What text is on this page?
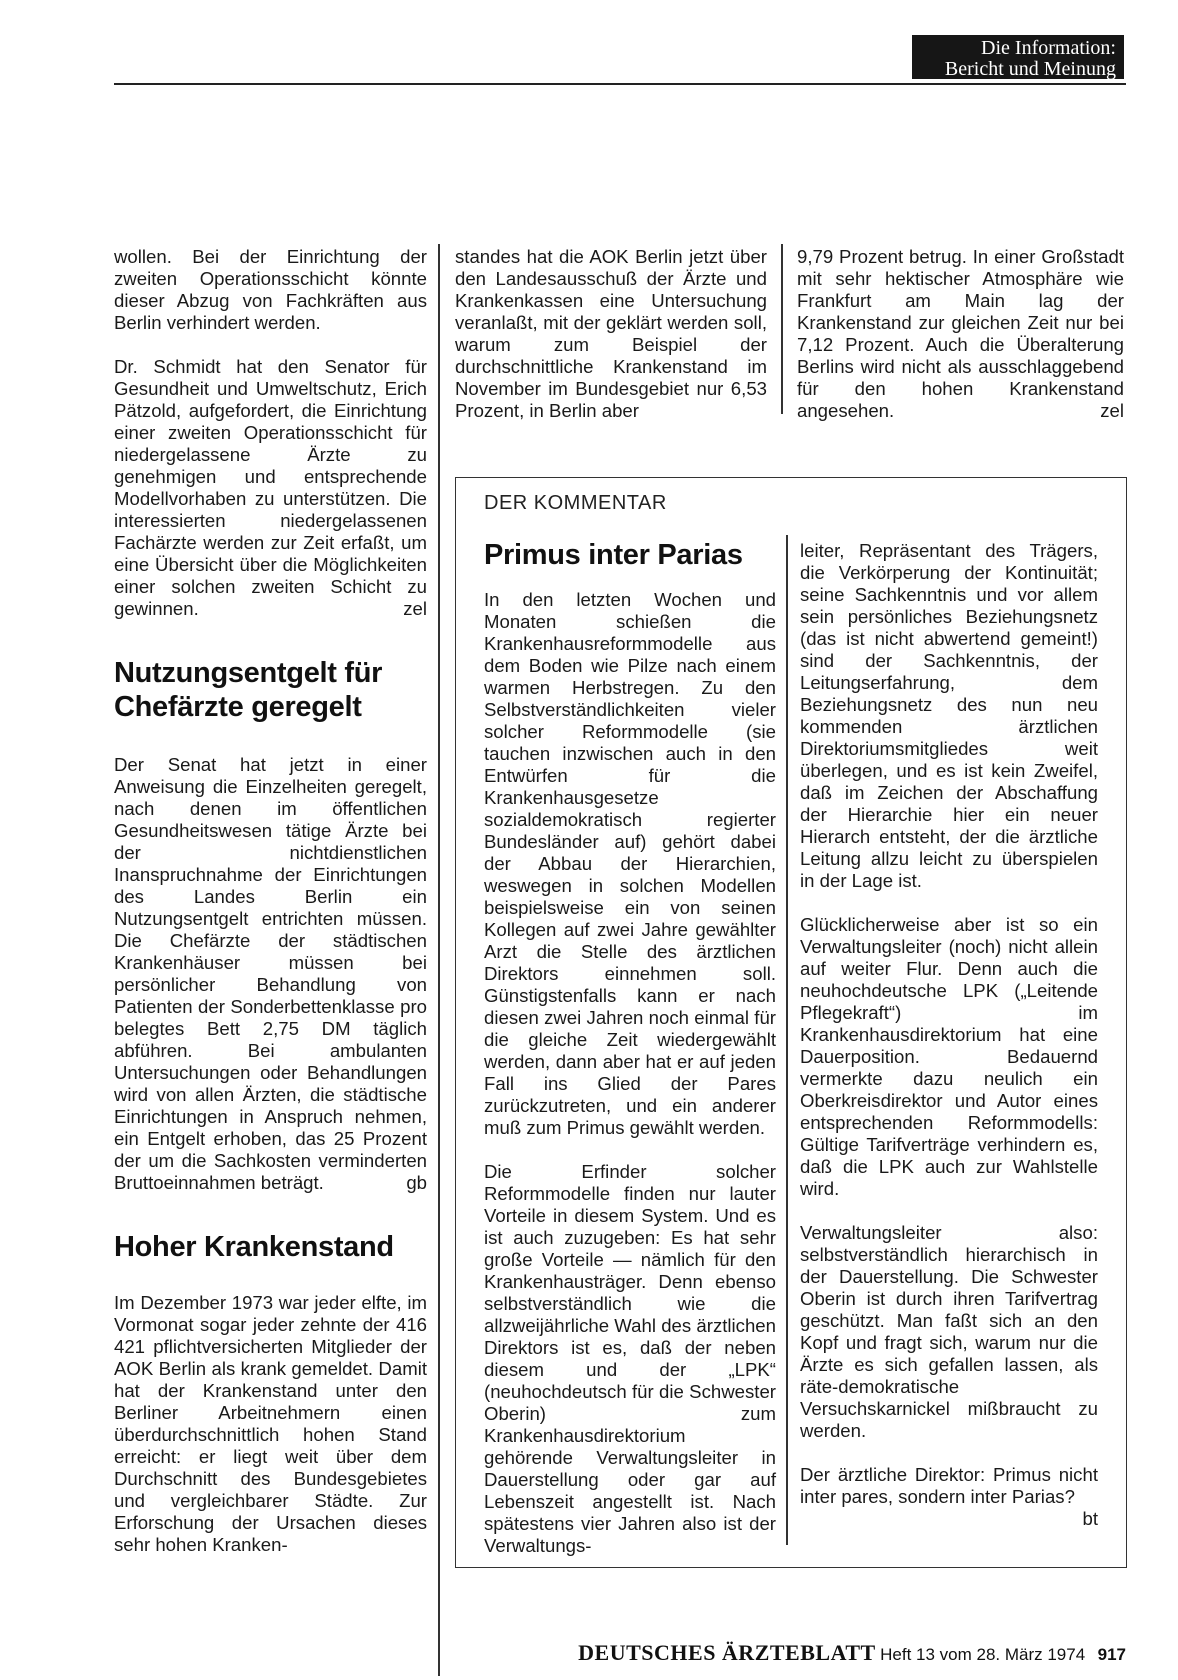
Die Information:
Bericht und Meinung

wollen. Bei der Einrichtung der zweiten Operationsschicht könnte dieser Abzug von Fachkräften aus Berlin verhindert werden.

Dr. Schmidt hat den Senator für Gesundheit und Umweltschutz, Erich Pätzold, aufgefordert, die Einrichtung einer zweiten Operationsschicht für niedergelassene Ärzte zu genehmigen und entsprechende Modellvorhaben zu unterstützen. Die interessierten niedergelassenen Fachärzte werden zur Zeit erfaßt, um eine Übersicht über die Möglichkeiten einer solchen zweiten Schicht zu gewinnen.	zel

Nutzungsentgelt für
Chefärzte geregelt

Der Senat hat jetzt in einer Anweisung die Einzelheiten geregelt, nach denen im öffentlichen Gesundheitswesen tätige Ärzte bei der nichtdienstlichen Inanspruchnahme der Einrichtungen des Landes Berlin ein Nutzungsentgelt entrichten müssen. Die Chefärzte der städtischen Krankenhäuser müssen bei persönlicher Behandlung von Patienten der Sonderbettenklasse pro belegtes Bett 2,75 DM täglich abführen. Bei ambulanten Untersuchungen oder Behandlungen wird von allen Ärzten, die städtische Einrichtungen in Anspruch nehmen, ein Entgelt erhoben, das 25 Prozent der um die Sachkosten verminderten Bruttoeinnahmen beträgt.	gb

Hoher Krankenstand

Im Dezember 1973 war jeder elfte, im Vormonat sogar jeder zehnte der 416 421 pflichtversicherten Mitglieder der AOK Berlin als krank gemeldet. Damit hat der Krankenstand unter den Berliner Arbeitnehmern einen überdurchschnittlich hohen Stand erreicht: er liegt weit über dem Durchschnitt des Bundesgebietes und vergleichbarer Städte. Zur Erforschung der Ursachen dieses sehr hohen Kranken-

standes hat die AOK Berlin jetzt über den Landesausschuß der Ärzte und Krankenkassen eine Untersuchung veranlaßt, mit der geklärt werden soll, warum zum Beispiel der durchschnittliche Krankenstand im November im Bundesgebiet nur 6,53 Prozent, in Berlin aber

9,79 Prozent betrug. In einer Großstadt mit sehr hektischer Atmosphäre wie Frankfurt am Main lag der Krankenstand zur gleichen Zeit nur bei 7,12 Prozent. Auch die Überalterung Berlins wird nicht als ausschlaggebend für den hohen Krankenstand angesehen.	zel

DER KOMMENTAR
Primus inter Parias

In den letzten Wochen und Monaten schießen die Krankenhausreformmodelle aus dem Boden wie Pilze nach einem warmen Herbstregen. Zu den Selbstverständlichkeiten vieler solcher Reformmodelle (sie tauchen inzwischen auch in den Entwürfen für die Krankenhausgesetze sozialdemokratisch regierter Bundesländer auf) gehört dabei der Abbau der Hierarchien, weswegen in solchen Modellen beispielsweise ein von seinen Kollegen auf zwei Jahre gewählter Arzt die Stelle des ärztlichen Direktors einnehmen soll. Günstigstenfalls kann er nach diesen zwei Jahren noch einmal für die gleiche Zeit wiedergewählt werden, dann aber hat er auf jeden Fall ins Glied der Pares zurückzutreten, und ein anderer muß zum Primus gewählt werden.

Die Erfinder solcher Reformmodelle finden nur lauter Vorteile in diesem System. Und es ist auch zuzugeben: Es hat sehr große Vorteile — nämlich für den Krankenhausträger. Denn ebenso selbstverständlich wie die allzweijährliche Wahl des ärztlichen Direktors ist es, daß der neben diesem und der „LPK“ (neuhochdeutsch für die Schwester Oberin) zum Krankenhausdirektorium gehörende Verwaltungsleiter in Dauerstellung oder gar auf Lebenszeit angestellt ist. Nach spätestens vier Jahren also ist der Verwaltungs-

leiter, Repräsentant des Trägers, die Verkörperung der Kontinuität; seine Sachkenntnis und vor allem sein persönliches Beziehungsnetz (das ist nicht abwertend gemeint!) sind der Sachkenntnis, der Leitungserfahrung, dem Beziehungsnetz des nun neu kommenden ärztlichen Direktoriumsmitgliedes weit überlegen, und es ist kein Zweifel, daß im Zeichen der Abschaffung der Hierarchie hier ein neuer Hierarch entsteht, der die ärztliche Leitung allzu leicht zu überspielen in der Lage ist.

Glücklicherweise aber ist so ein Verwaltungsleiter (noch) nicht allein auf weiter Flur. Denn auch die neuhochdeutsche LPK („Leitende Pflegekraft“) im Krankenhausdirektorium hat eine Dauerposition. Bedauernd vermerkte dazu neulich ein Oberkreisdirektor und Autor eines entsprechenden Reformmodells: Gültige Tarifverträge verhindern es, daß die LPK auch zur Wahlstelle wird.

Verwaltungsleiter also: selbstverständlich hierarchisch in der Dauerstellung. Die Schwester Oberin ist durch ihren Tarifvertrag geschützt. Man faßt sich an den Kopf und fragt sich, warum nur die Ärzte es sich gefallen lassen, als räte-demokratische Versuchskarnickel mißbraucht zu werden.

Der ärztliche Direktor: Primus nicht inter pares, sondern inter Parias?
bt

DEUTSCHES ÄRZTEBLATT Heft 13 vom 28. März 1974 917
